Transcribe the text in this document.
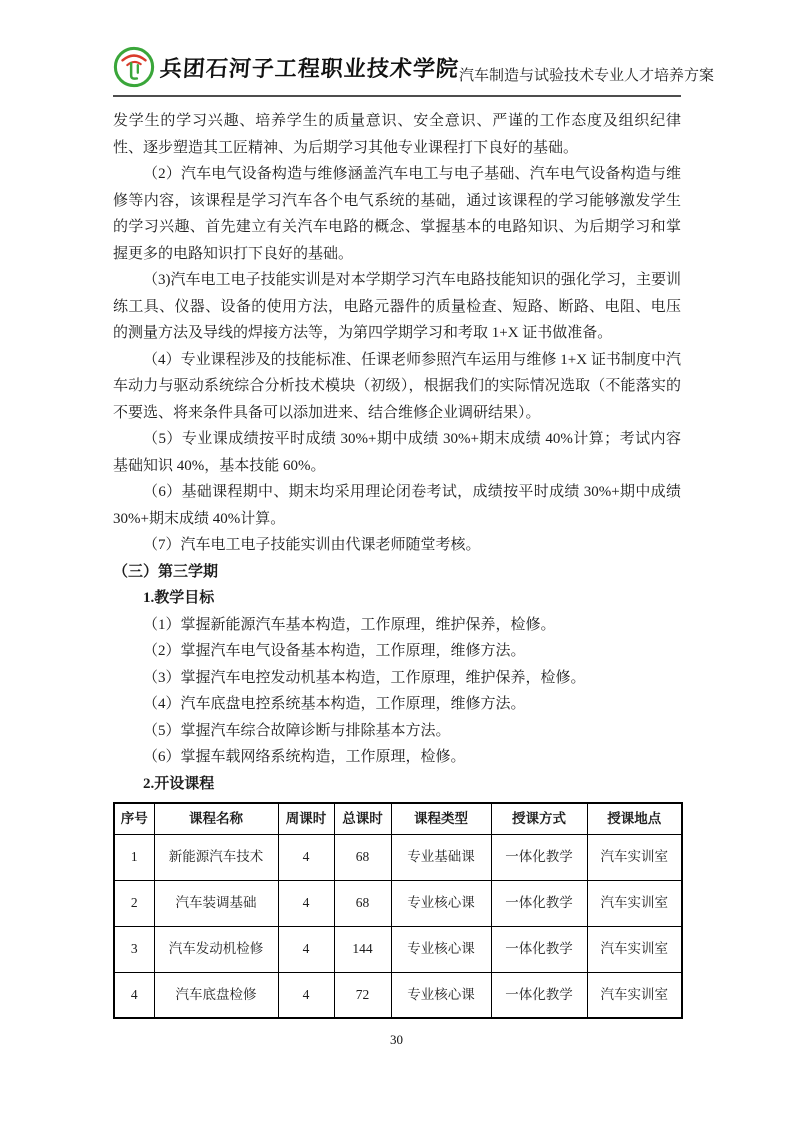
兵团石河子工程职业技术学院 汽车制造与试验技术专业人才培养方案

发学生的学习兴趣、培养学生的质量意识、安全意识、严谨的工作态度及组织纪律性、逐步塑造其工匠精神、为后期学习其他专业课程打下良好的基础。

（2）汽车电气设备构造与维修涵盖汽车电工与电子基础、汽车电气设备构造与维修等内容，该课程是学习汽车各个电气系统的基础，通过该课程的学习能够激发学生的学习兴趣、首先建立有关汽车电路的概念、掌握基本的电路知识、为后期学习和掌握更多的电路知识打下良好的基础。

（3)汽车电工电子技能实训是对本学期学习汽车电路技能知识的强化学习，主要训练工具、仪器、设备的使用方法，电路元器件的质量检查、短路、断路、电阻、电压的测量方法及导线的焊接方法等，为第四学期学习和考取 1+X 证书做准备。

（4）专业课程涉及的技能标准、任课老师参照汽车运用与维修 1+X 证书制度中汽车动力与驱动系统综合分析技术模块（初级），根据我们的实际情况选取（不能落实的不要选、将来条件具备可以添加进来、结合维修企业调研结果）。

（5）专业课成绩按平时成绩 30%+期中成绩 30%+期末成绩 40%计算；考试内容基础知识 40%，基本技能 60%。

（6）基础课程期中、期末均采用理论闭卷考试，成绩按平时成绩 30%+期中成绩 30%+期末成绩 40%计算。

（7）汽车电工电子技能实训由代课老师随堂考核。

（三）第三学期

1.教学目标

（1）掌握新能源汽车基本构造，工作原理，维护保养，检修。

（2）掌握汽车电气设备基本构造，工作原理，维修方法。

（3）掌握汽车电控发动机基本构造，工作原理，维护保养，检修。

（4）汽车底盘电控系统基本构造，工作原理，维修方法。

（5）掌握汽车综合故障诊断与排除基本方法。

（6）掌握车载网络系统构造，工作原理，检修。

2.开设课程

序号	课程名称	周课时	总课时	课程类型	授课方式	授课地点
1	新能源汽车技术	4	68	专业基础课	一体化教学	汽车实训室
2	汽车装调基础	4	68	专业核心课	一体化教学	汽车实训室
3	汽车发动机检修	4	144	专业核心课	一体化教学	汽车实训室
4	汽车底盘检修	4	72	专业核心课	一体化教学	汽车实训室
30
